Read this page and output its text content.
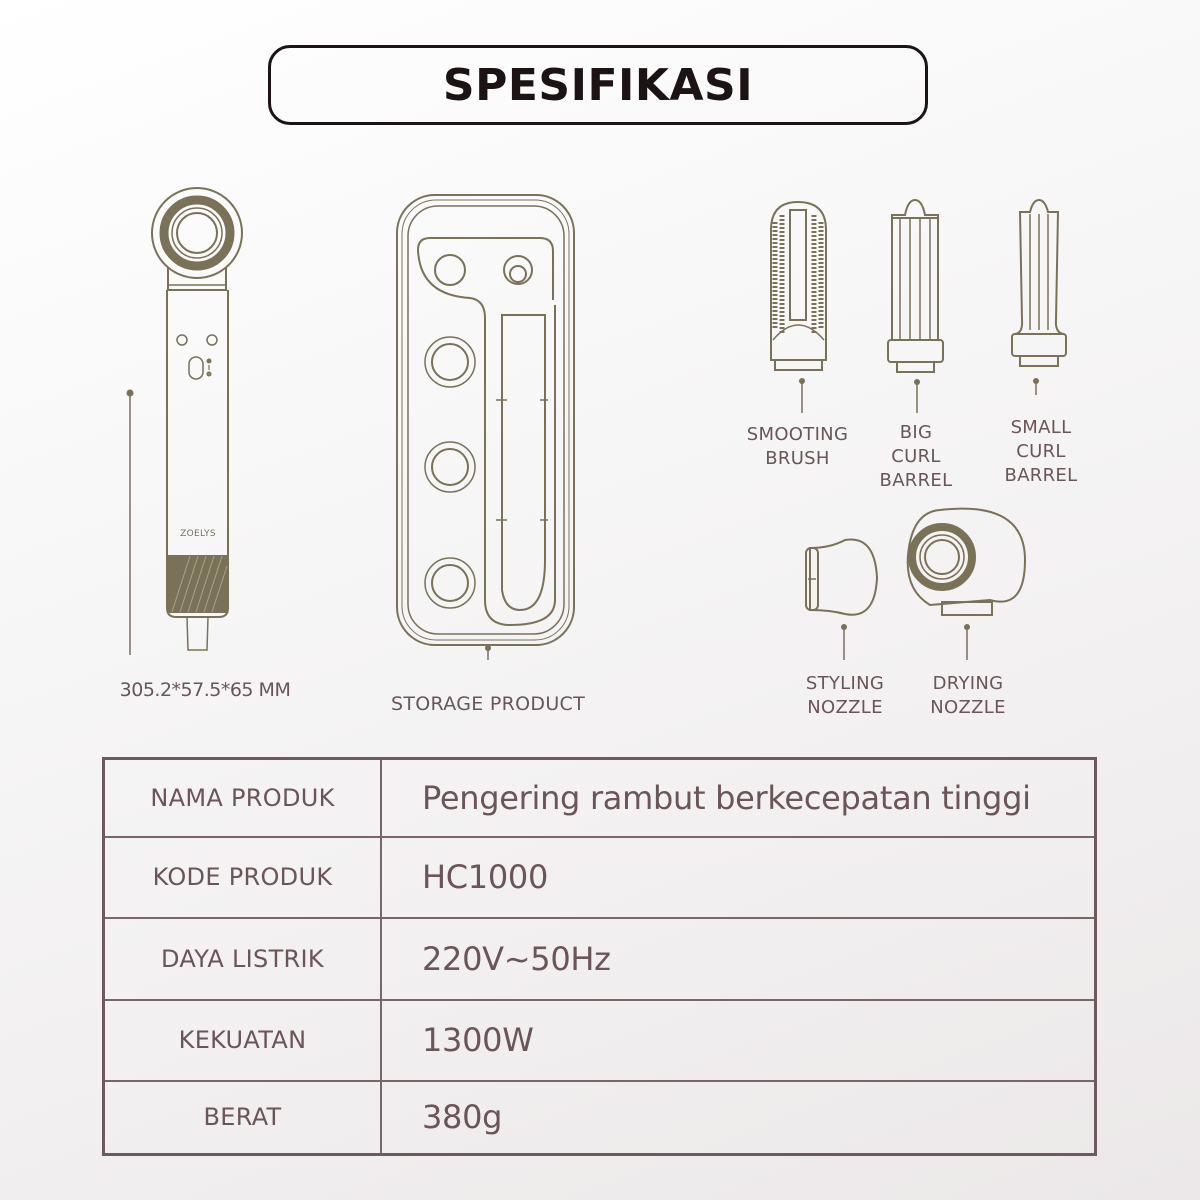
SPESIFIKASI
ZOELYS
305.2*57.5*65 MM
STORAGE PRODUCT
SMOOTING
BRUSH
BIG
CURL
BARREL
SMALL
CURL
BARREL
STYLING
NOZZLE
DRYING
NOZZLE
NAMA PRODUK	Pengering rambut berkecepatan tinggi
KODE PRODUK	HC1000
DAYA LISTRIK	220V~50Hz
KEKUATAN	1300W
BERAT	380g
